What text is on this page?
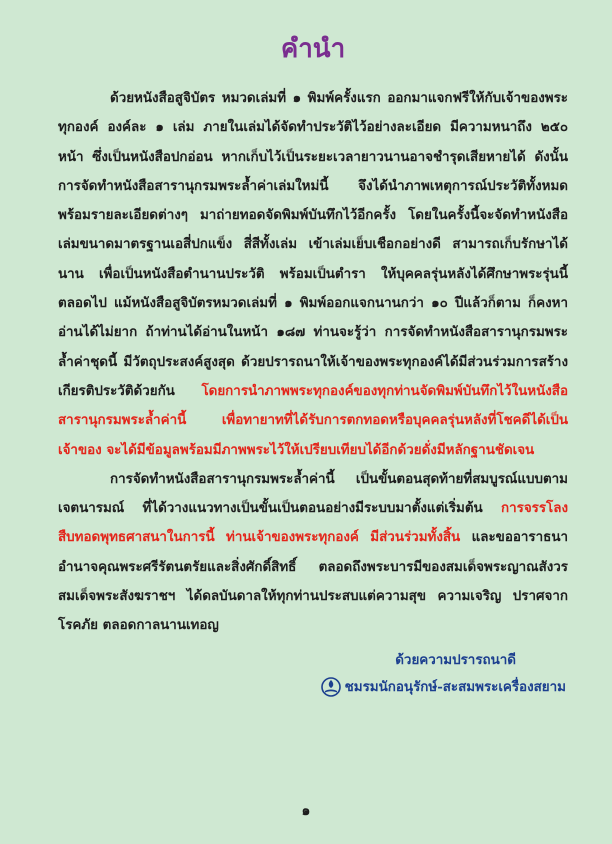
คำนำ

ด้วยหนังสือสูจิบัตร หมวดเล่มที่ ๑ พิมพ์ครั้งแรก ออกมาแจกฟรีให้กับเจ้าของพระทุกองค์ องค์ละ ๑ เล่ม ภายในเล่มได้จัดทำประวัติไว้อย่างละเอียด มีความหนาถึง ๒๕๐ หน้า ซึ่งเป็นหนังสือปกอ่อน หากเก็บไว้เป็นระยะเวลายาวนานอาจชำรุดเสียหายได้ ดังนั้นการจัดทำหนังสือสารานุกรมพระล้ำค่าเล่มใหม่นี้ จึงได้นำภาพเหตุการณ์ประวัติทั้งหมด พร้อมรายละเอียดต่างๆ มาถ่ายทอดจัดพิมพ์บันทึกไว้อีกครั้ง โดยในครั้งนี้จะจัดทำหนังสือเล่มขนาดมาตรฐานเอสี่ปกแข็ง สี่สีทั้งเล่ม เข้าเล่มเย็บเชือกอย่างดี สามารถเก็บรักษาได้นาน เพื่อเป็นหนังสือตำนานประวัติ พร้อมเป็นตำรา ให้บุคคลรุ่นหลังได้ศึกษาพระรุ่นนี้ตลอดไป แม้หนังสือสูจิบัตรหมวดเล่มที่ ๑ พิมพ์ออกแจกนานกว่า ๑๐ ปีแล้วก็ตาม ก็คงหาอ่านได้ไม่ยาก ถ้าท่านได้อ่านในหน้า ๑๘๗ ท่านจะรู้ว่า การจัดทำหนังสือสารานุกรมพระล้ำค่าชุดนี้ มีวัตถุประสงค์สูงสุด ด้วยปรารถนาให้เจ้าของพระทุกองค์ได้มีส่วนร่วมการสร้างเกียรติประวัติด้วยกัน โดยการนำภาพพระทุกองค์ของทุกท่านจัดพิมพ์บันทึกไว้ในหนังสือสารานุกรมพระล้ำค่านี้ เพื่อทายาทที่ได้รับการตกทอดหรือบุคคลรุ่นหลังที่โชคดีได้เป็นเจ้าของ จะได้มีข้อมูลพร้อมมีภาพพระไว้ให้เปรียบเทียบได้อีกด้วยดั่งมีหลักฐานชัดเจน

การจัดทำหนังสือสารานุกรมพระล้ำค่านี้ เป็นขั้นตอนสุดท้ายที่สมบูรณ์แบบตามเจตนารมณ์ ที่ได้วางแนวทางเป็นขั้นเป็นตอนอย่างมีระบบมาตั้งแต่เริ่มต้น การจรรโลงสืบทอดพุทธศาสนาในการนี้ ท่านเจ้าของพระทุกองค์ มีส่วนร่วมทั้งสิ้น และขออาราธนาอำนาจคุณพระศรีรัตนตรัยและสิ่งศักดิ์สิทธิ์ ตลอดถึงพระบารมีของสมเด็จพระญาณสังวร สมเด็จพระสังฆราชฯ ได้ดลบันดาลให้ทุกท่านประสบแต่ความสุข ความเจริญ ปราศจากโรคภัย ตลอดกาลนานเทอญ

ด้วยความปรารถนาดี
ชมรมนักอนุรักษ์-สะสมพระเครื่องสยาม
๑
